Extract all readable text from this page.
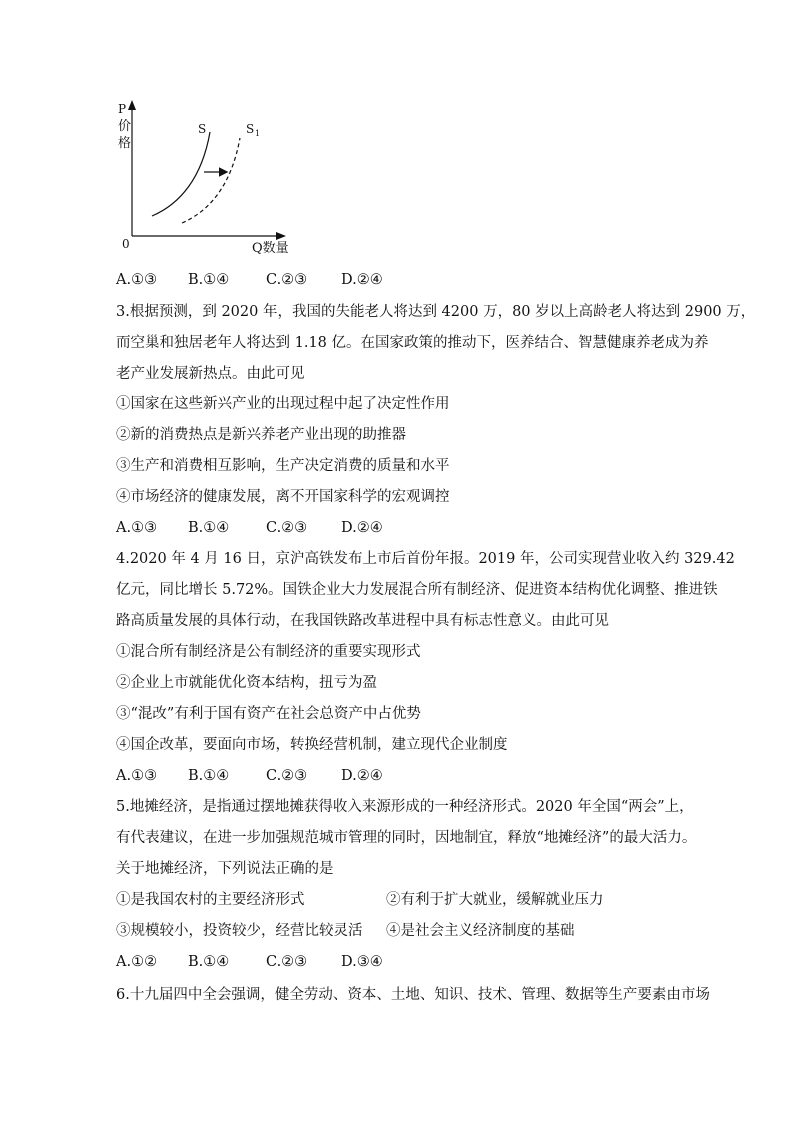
P
价
格
0	Q数量
S	S 1
A.①③ B.①④	C.②③ D.②④
3.根据预测，到 2020 年，我国的失能老人将达到 4200 万，80 岁以上高龄老人将达到 2900 万，
而空巢和独居老年人将达到 1.18 亿。在国家政策的推动下，医养结合、智慧健康养老成为养
老产业发展新热点。由此可见
①国家在这些新兴产业的出现过程中起了决定性作用
②新的消费热点是新兴养老产业出现的助推器
③生产和消费相互影响，生产决定消费的质量和水平
④市场经济的健康发展，离不开国家科学的宏观调控
A.①③ B.①④	C.②③ D.②④
4.2020 年 4 月 16 日，京沪高铁发布上市后首份年报。2019 年，公司实现营业收入约 329.42
亿元，同比增长 5.72%。国铁企业大力发展混合所有制经济、促进资本结构优化调整、推进铁
路高质量发展的具体行动，在我国铁路改革进程中具有标志性意义。由此可见
①混合所有制经济是公有制经济的重要实现形式
②企业上市就能优化资本结构，扭亏为盈
③“混改”有利于国有资产在社会总资产中占优势
④国企改革，要面向市场，转换经营机制，建立现代企业制度
A.①③ B.①④	C.②③ D.②④
5.地摊经济，是指通过摆地摊获得收入来源形成的一种经济形式。2020 年全国“两会”上，
有代表建议，在进一步加强规范城市管理的同时，因地制宜，释放“地摊经济”的最大活力。
关于地摊经济，下列说法正确的是
①是我国农村的主要经济形式	②有利于扩大就业，缓解就业压力
③规模较小，投资较少，经营比较灵活 ④是社会主义经济制度的基础
A.①② B.①④	C.②③ D.③④
6.十九届四中全会强调，健全劳动、资本、土地、知识、技术、管理、数据等生产要素由市场
